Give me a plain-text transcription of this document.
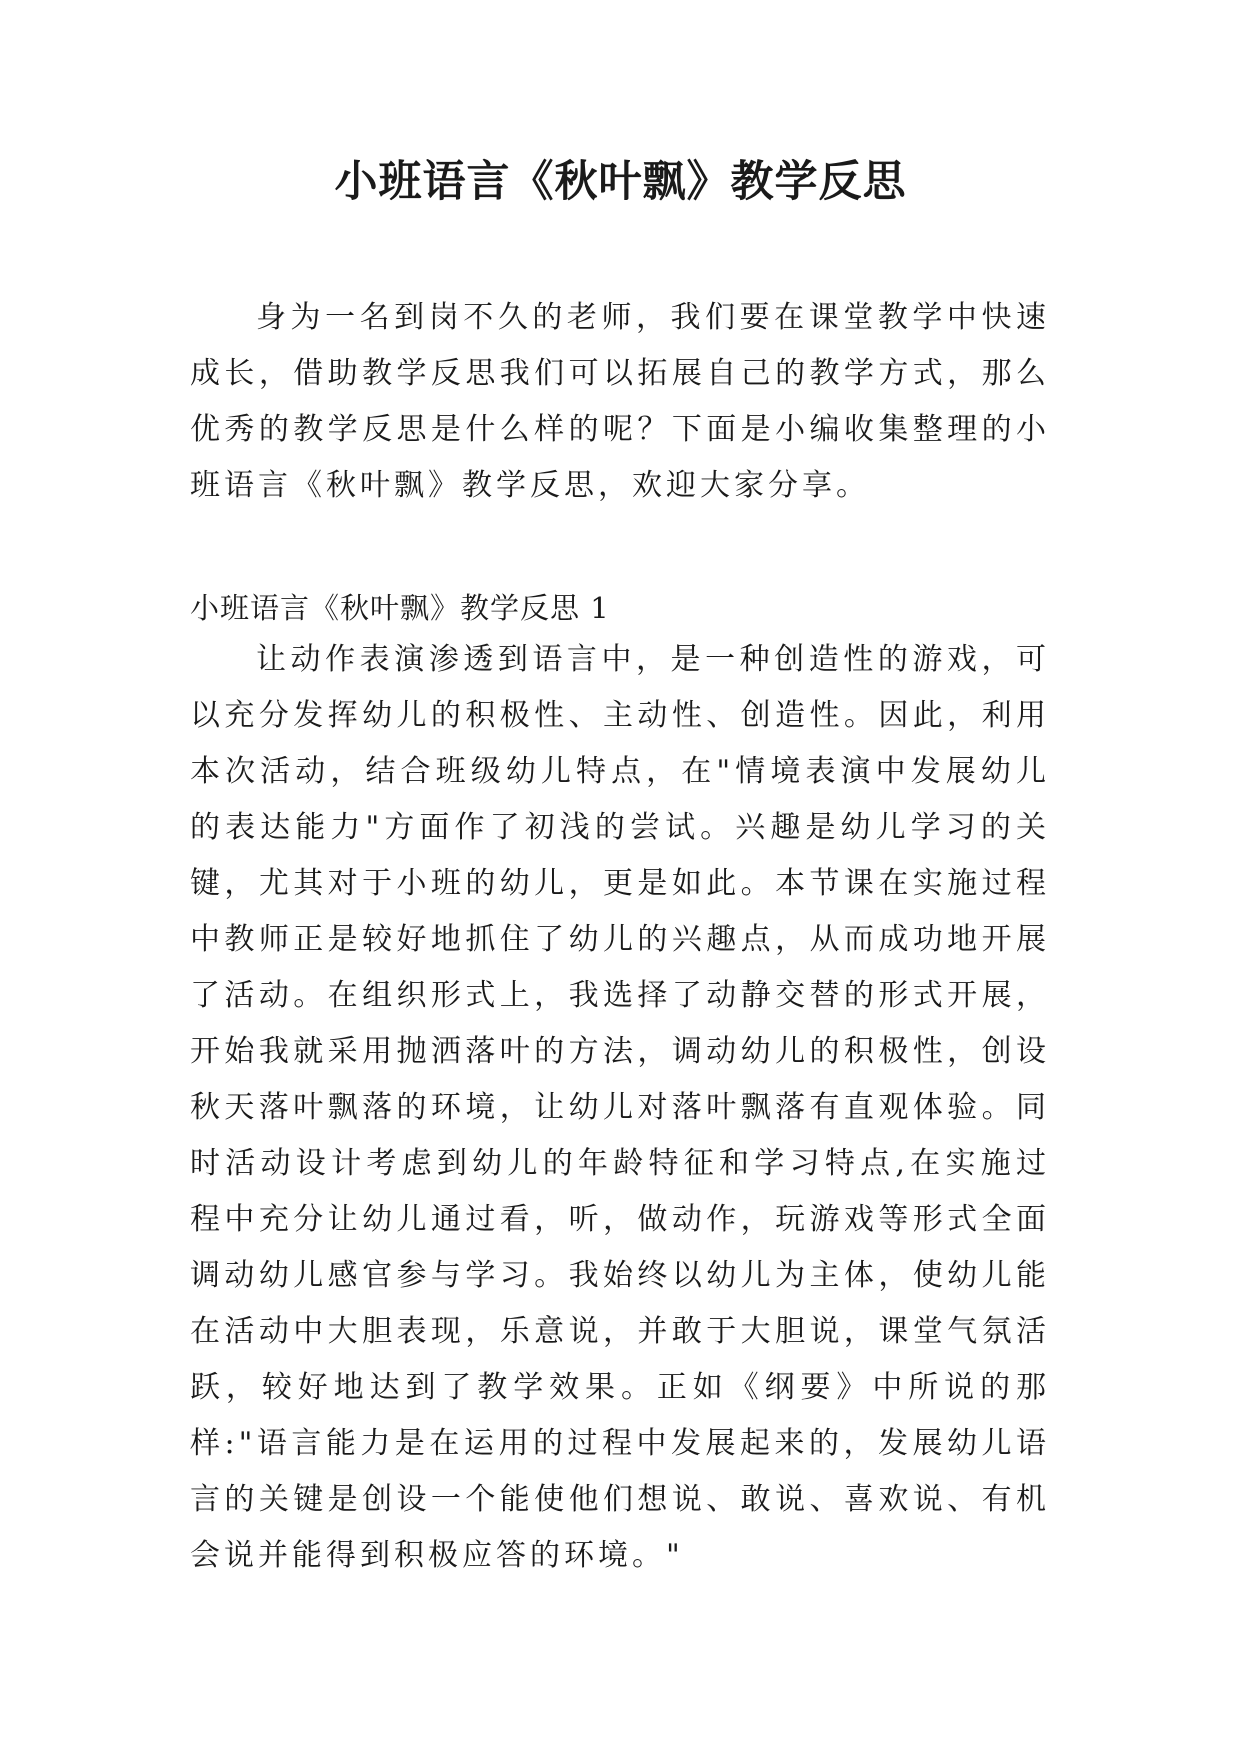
小班语言《秋叶飘》教学反思

身为一名到岗不久的老师，我们要在课堂教学中快速成长，借助教学反思我们可以拓展自己的教学方式，那么优秀的教学反思是什么样的呢？下面是小编收集整理的小班语言《秋叶飘》教学反思，欢迎大家分享。

小班语言《秋叶飘》教学反思 1

让动作表演渗透到语言中，是一种创造性的游戏，可以充分发挥幼儿的积极性、主动性、创造性。因此，利用本次活动，结合班级幼儿特点，在"情境表演中发展幼儿的表达能力"方面作了初浅的尝试。兴趣是幼儿学习的关键，尤其对于小班的幼儿，更是如此。本节课在实施过程中教师正是较好地抓住了幼儿的兴趣点，从而成功地开展了活动。在组织形式上，我选择了动静交替的形式开展，开始我就采用抛洒落叶的方法，调动幼儿的积极性，创设秋天落叶飘落的环境，让幼儿对落叶飘落有直观体验。同时活动设计考虑到幼儿的年龄特征和学习特点,在实施过程中充分让幼儿通过看，听，做动作，玩游戏等形式全面调动幼儿感官参与学习。我始终以幼儿为主体，使幼儿能在活动中大胆表现，乐意说，并敢于大胆说，课堂气氛活跃，较好地达到了教学效果。正如《纲要》中所说的那样:"语言能力是在运用的过程中发展起来的，发展幼儿语言的关键是创设一个能使他们想说、敢说、喜欢说、有机会说并能得到积极应答的环境。"
